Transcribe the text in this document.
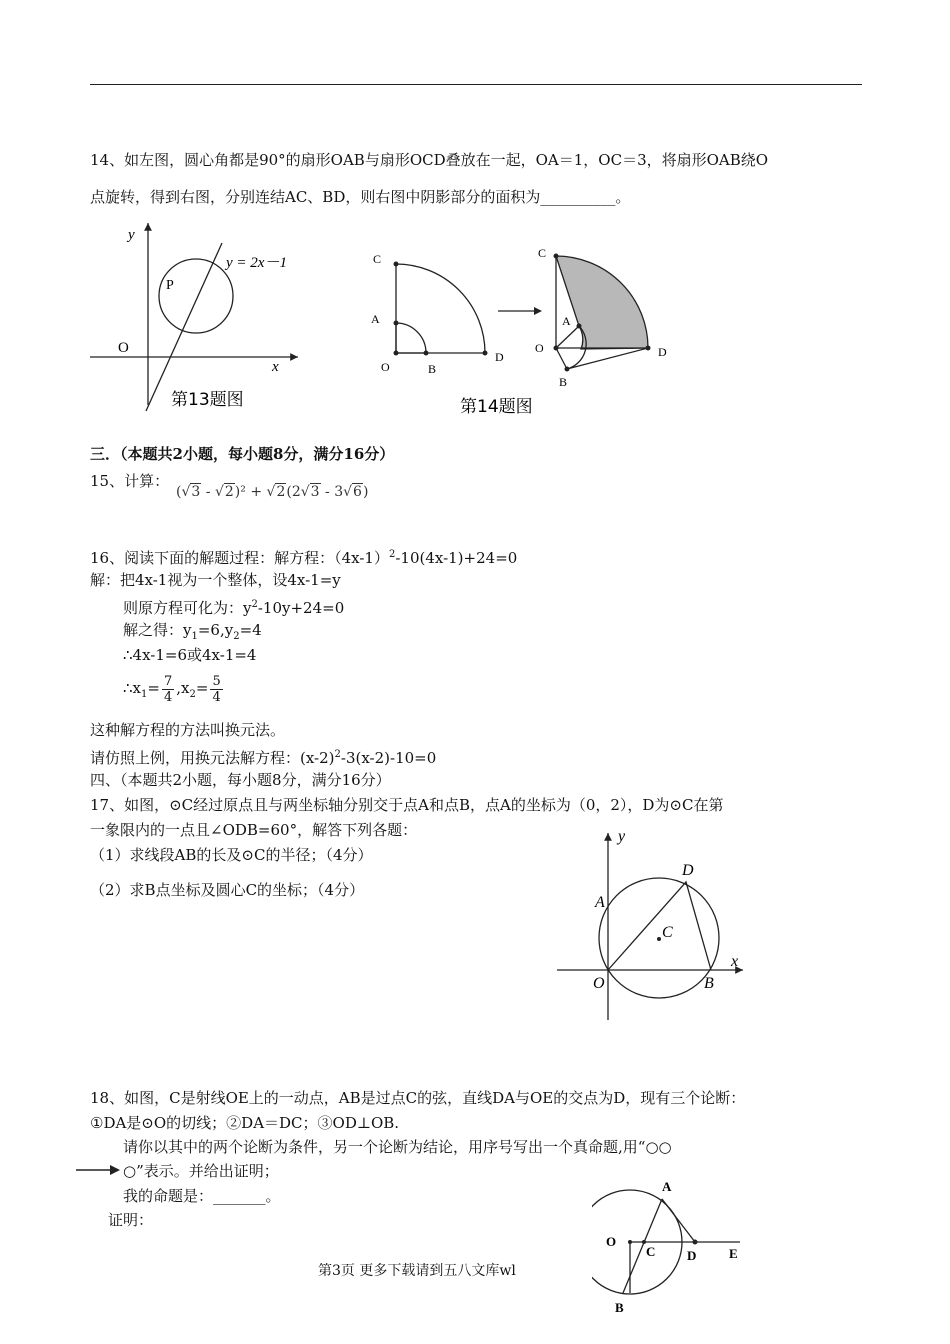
14、如左图，圆心角都是90°的扇形OAB与扇形OCD叠放在一起，OA＝1，OC＝3，将扇形OAB绕O
点旋转，得到右图，分别连结AC、BD，则右图中阴影部分的面积为__________。
y
x
O
P
y = 2x－1
第13题图
C
A
O	B
D
C
A
O
B
D
第14题图
三．（本题共2小题，每小题8分，满分16分）
15、计算：
(√3 - √2)² + √2(2√3 - 3√6)
16、阅读下面的解题过程：解方程：$(4x-1)^2-10(4x-1)+24=0$
解：把4x-1视为一个整体，设4x-1=y
则原方程可化为：$y^2-10y+24=0$
解之得：$y_1=6,y_2=4$
∴4x-1=6或4x-1=4
$\therefore x_1= \frac{7}{4} ,x_2= \frac{5}{4}$
这种解方程的方法叫换元法。
请仿照上例，用换元法解方程：$(x-2)^2-3(x-2)-10=0$
四、（本题共2小题，每小题8分，满分16分）
17、如图，⊙C经过原点且与两坐标轴分别交于点A和点B，点A的坐标为（0，2），D为⊙C在第
一象限内的一点且∠ODB=60°，解答下列各题：
（1）求线段AB的长及⊙C的半径；（4分）
（2）求B点坐标及圆心C的坐标；（4分）
y
x
A
C
D
O	B
18、如图，C是射线OE上的一动点，AB是过点C的弦，直线DA与OE的交点为D，现有三个论断：
①DA是⊙O的切线；②DA＝DC；③OD⊥OB.
请你以其中的两个论断为条件，另一个论断为结论，用序号写出一个真命题,用“○○
○”表示。并给出证明；
我的命题是：_______。
证明：
A
O
C D	E
B
第3页 更多下载请到五八文库wl
